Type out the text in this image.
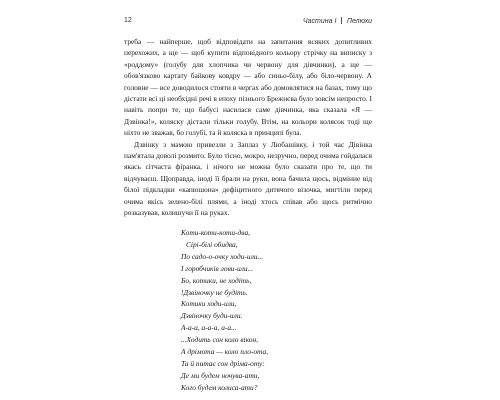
12	Частина І Пелюхи

треба — найперше, щоб відповідати на запитання всяких допитливих перехожих, а ще — щоб купити відповідного кольору стрічку на виписку з «роддому» (голубу для хлопчика чи червону для дівчинки), а ще — обов'язково картату байкову ковдру — або синьо-білу, або біло-червону. А головне — все доводилося стояти в чергах або домовлятися на базах, тому що дістати всі ці необхідні речі в епоху пізнього Брежнєва було зовсім непросто. І навіть попри те, що бабусі насилася саме дівчинка, яка сказала «Я — Дзвінка!», коляску дістали тільки голубу. Втім, на кольори колясок тоді ще ніхто не зважав, бо голубі, та й коляска в принципі була.

Дзвінку з мамою привезли з Заплаз у Любашівку, і той час Дівінка пам'ятала доволі розмито. Було тісно, мокро, незручно, перед очима гойдалася якась сітчаста фіранка, і нічого не можна було сказати про те, що ти відчуваєш. Щоправда, іноді її брали на руки, вона бачила щось, відмінне від білої підкладки «капюшона» дефіцитного дитячого візочка, мигтіли перед очима якісь зелено-білі плями, а іноді хтось співав або щось ритмічно розказував, колишучи її на руках.

Коти-коти-коти-два,
Сірі-білі обидва,
По садо-о-очку ходи-или...
І горобчиків лови-или...
Бо, котики, не ходіть,
!Дзвіночку не будіть.
Котики ходи-или,
Дзвіночку буди-или.
А-а-а, а-а-а, а-а...
...Ходить сон коло вікон,
А дрімота — коло пло-ота,
Та й питає сон дріма-оту:
Де ми будем ночува-ати,
Кого будем колиса-ати?
